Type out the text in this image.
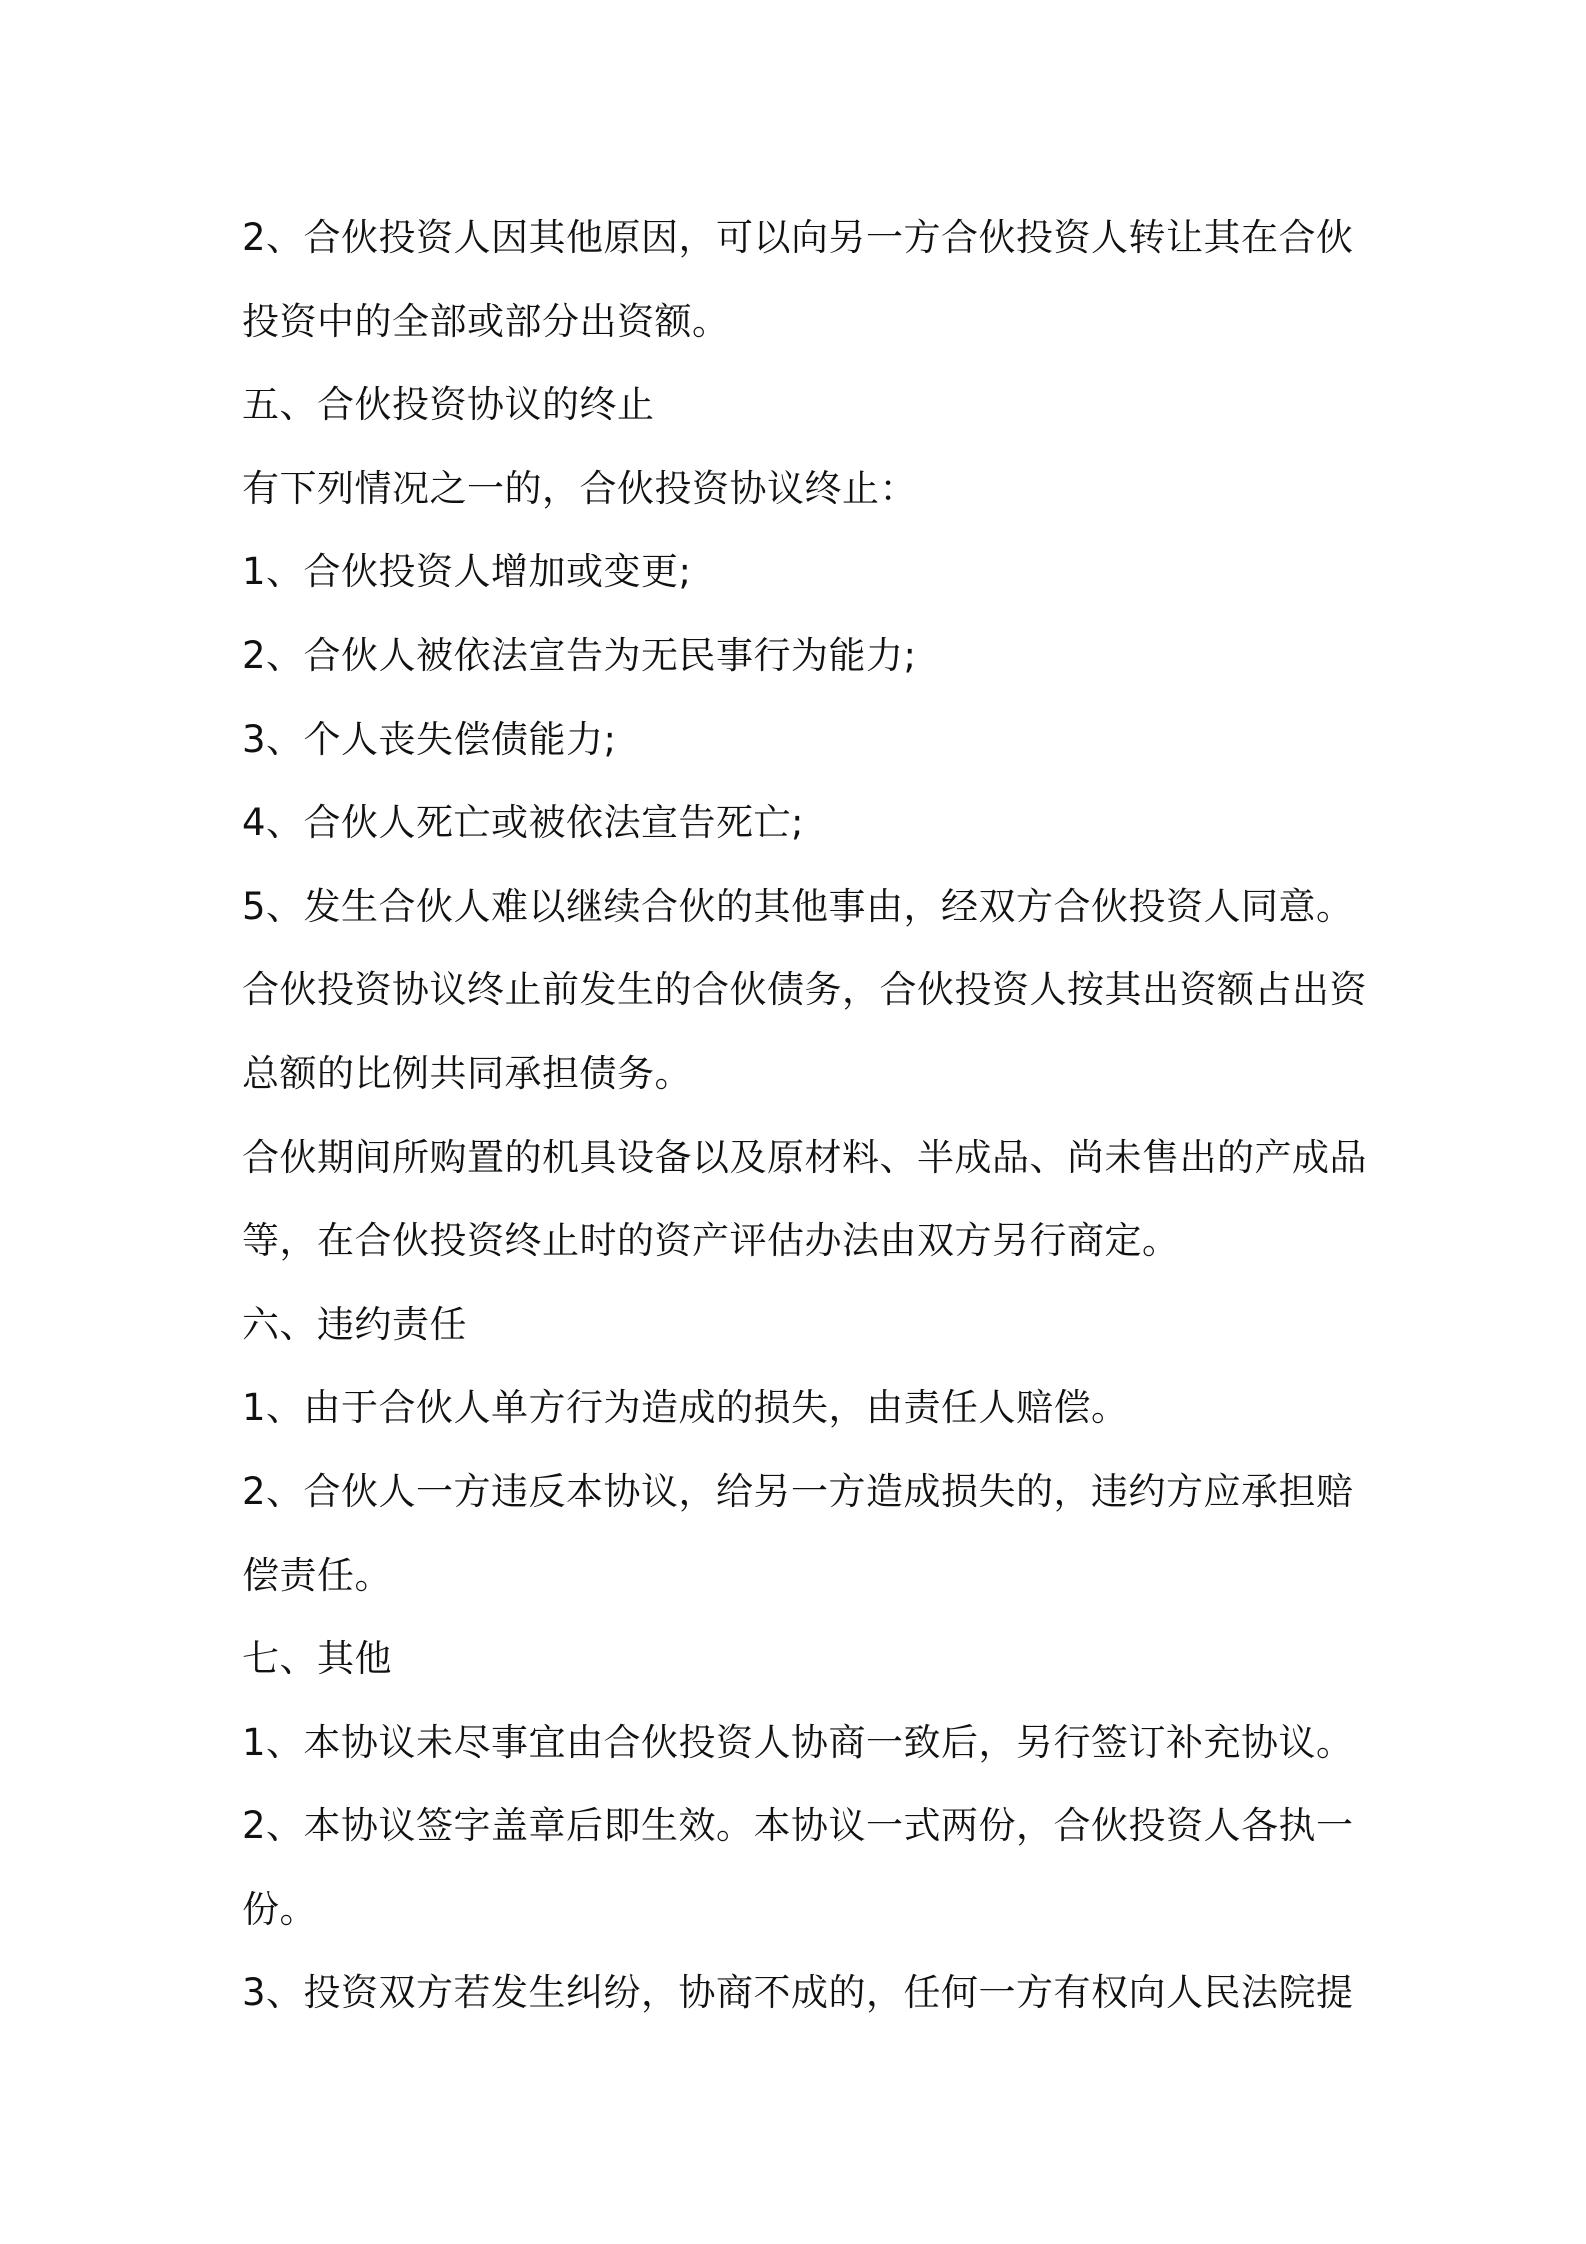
2、合伙投资人因其他原因，可以向另一方合伙投资人转让其在合伙

投资中的全部或部分出资额。

五、合伙投资协议的终止

有下列情况之一的，合伙投资协议终止：

1、合伙投资人增加或变更;

2、合伙人被依法宣告为无民事行为能力;

3、个人丧失偿债能力;

4、合伙人死亡或被依法宣告死亡;

5、发生合伙人难以继续合伙的其他事由，经双方合伙投资人同意。

合伙投资协议终止前发生的合伙债务，合伙投资人按其出资额占出资

总额的比例共同承担债务。

合伙期间所购置的机具设备以及原材料、半成品、尚未售出的产成品

等，在合伙投资终止时的资产评估办法由双方另行商定。

六、违约责任

1、由于合伙人单方行为造成的损失，由责任人赔偿。

2、合伙人一方违反本协议，给另一方造成损失的，违约方应承担赔

偿责任。

七、其他

1、本协议未尽事宜由合伙投资人协商一致后，另行签订补充协议。

2、本协议签字盖章后即生效。本协议一式两份，合伙投资人各执一

份。

3、投资双方若发生纠纷，协商不成的，任何一方有权向人民法院提
